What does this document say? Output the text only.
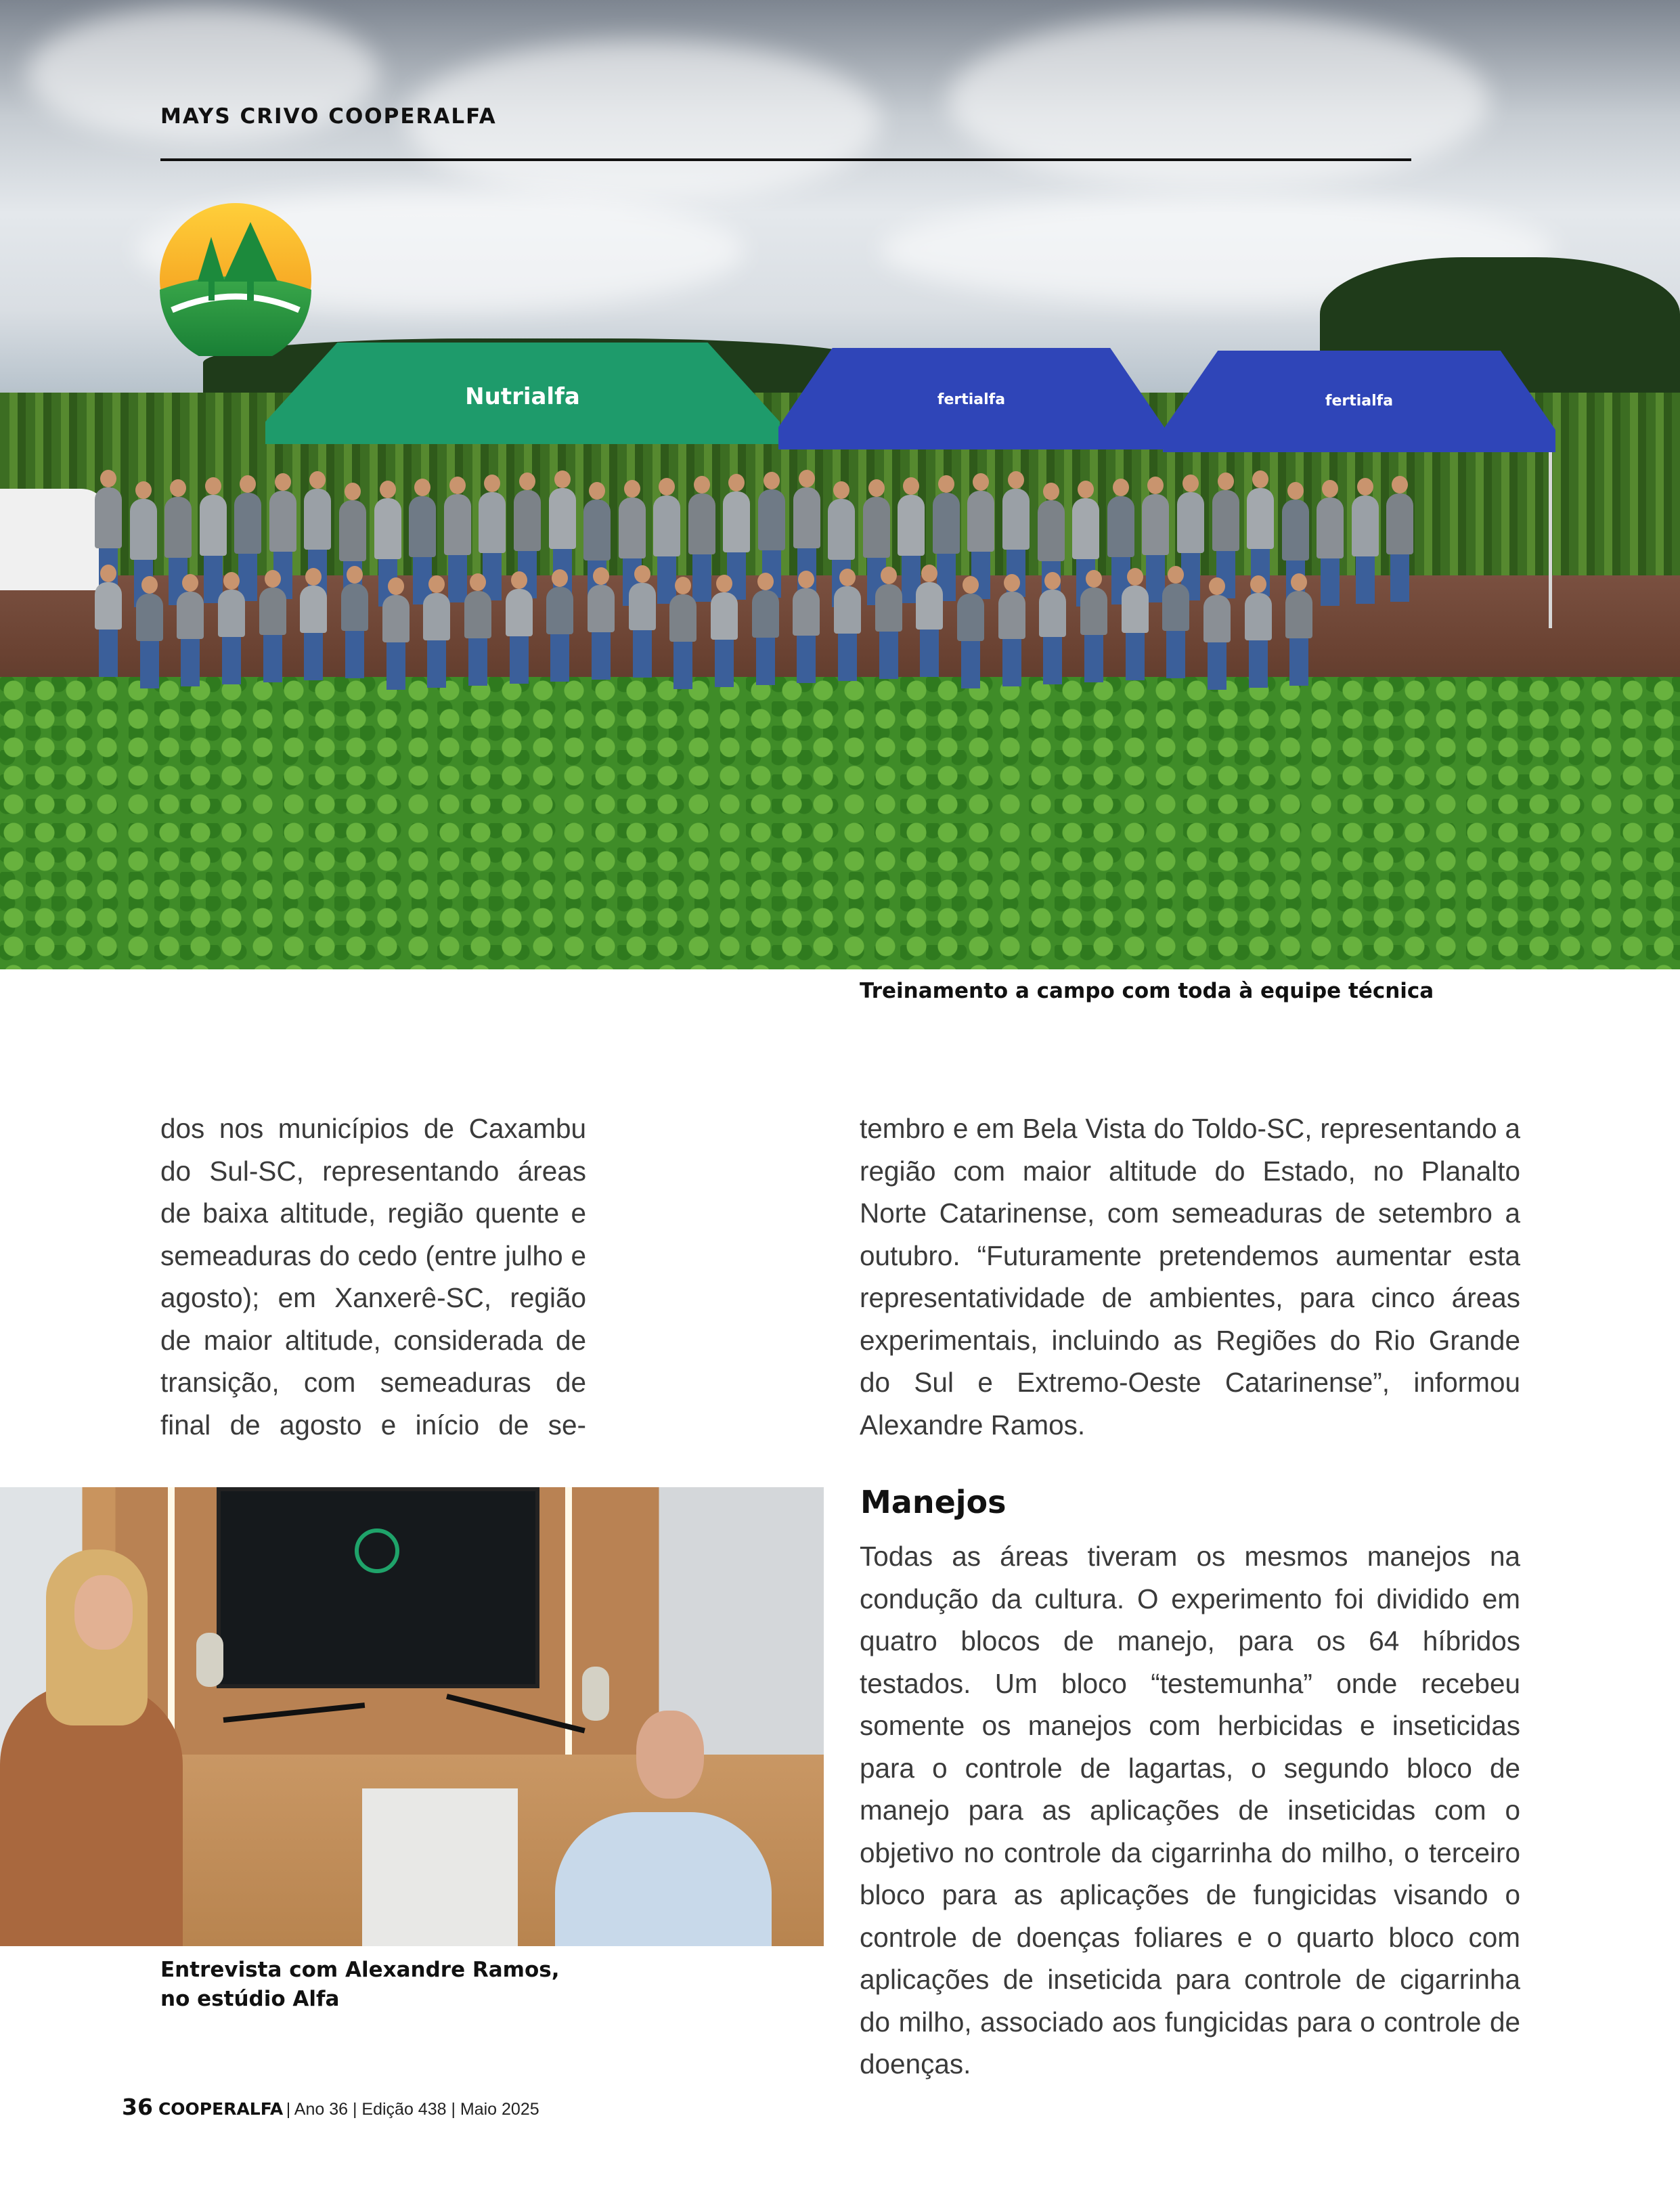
Nutrialfa	fertialfa	fertialfa

MAYS CRIVO COOPERALFA

Treinamento a campo com toda à equipe técnica

dos nos municípios de Caxambu do Sul-SC, representando áreas de baixa altitude, região quente e semeaduras do cedo (entre julho e agosto); em Xanxerê-SC, região de maior altitude, considerada de transição, com semeaduras de final de agosto e início de se-

tembro e em Bela Vista do Toldo-SC, representando a região com maior altitude do Estado, no Planalto Norte Catarinense, com semeaduras de setembro a outubro. “Futuramente pretendemos aumentar esta representatividade de ambientes, para cinco áreas experimentais, incluindo as Regiões do Rio Grande do Sul e Extremo-Oeste Catarinense”, informou Alexandre Ramos.

Manejos

Todas as áreas tiveram os mesmos manejos na condução da cultura. O experimento foi dividido em quatro blocos de manejo, para os 64 híbridos testados. Um bloco “testemunha” onde recebeu somente os manejos com herbicidas e inseticidas para o controle de lagartas, o segundo bloco de manejo para as aplicações de inseticidas com o objetivo no controle da cigarrinha do milho, o terceiro bloco para as aplicações de fungicidas visando o controle de doenças foliares e o quarto bloco com aplicações de inseticida para controle de cigarrinha do milho, associado aos fungicidas para o controle de doenças.

Entrevista com Alexandre Ramos,
no estúdio Alfa

36 COOPERALFA | Ano 36 | Edição 438 | Maio 2025
